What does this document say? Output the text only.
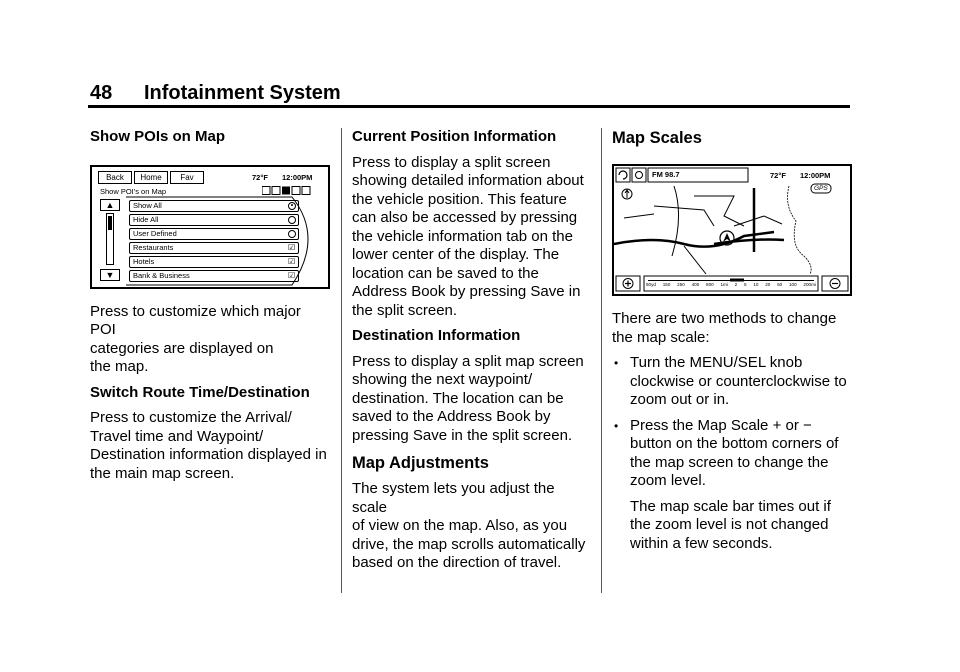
48 Infotainment System
Show POIs on Map
Back	Home	Fav	72°F 12:00PM
Show POI's on Map
▲
▼
Show All
Hide All
User Defined
Restaurants	☑
Hotels	☑
Bank & Business	☑
Press to customize which major POI
categories are displayed on
the map.
Switch Route Time/Destination
Press to customize the Arrival/
Travel time and Waypoint/
Destination information displayed in
the main map screen.
Current Position Information
Press to display a split screen
showing detailed information about
the vehicle position. This feature
can also be accessed by pressing
the vehicle information tab on the
lower center of the display. The
location can be saved to the
Address Book by pressing Save in
the split screen.
Destination Information
Press to display a split map screen
showing the next waypoint/
destination. The location can be
saved to the Address Book by
pressing Save in the split screen.
Map Adjustments
The system lets you adjust the scale
of view on the map. Also, as you
drive, the map scrolls automatically
based on the direction of travel.
Map Scales
FM 98.7	72°F 12:00PM
GPS
50yd 150 250 400 800 1mi 2 5 10 20 50 100 200mi
There are two methods to change
the map scale:
• Turn the MENU/SEL knob
clockwise or counterclockwise to
zoom out or in.
• Press the Map Scale + or −
button on the bottom corners of
the map screen to change the
zoom level.
The map scale bar times out if
the zoom level is not changed
within a few seconds.
